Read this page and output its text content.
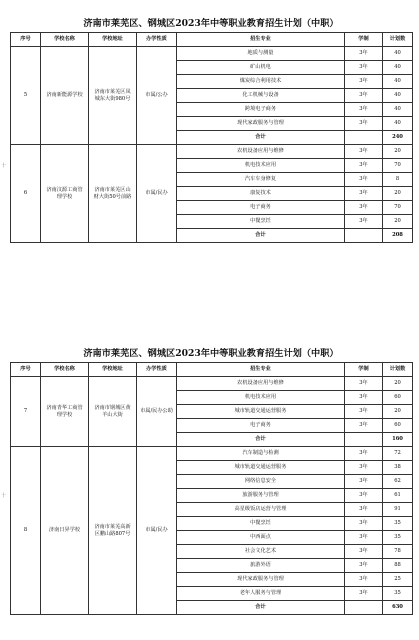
十
十
济南市莱芜区、钢城区2023年中等职业教育招生计划（中职）
序号	学校名称	学校地址	办学性质	招生专业	学制	计划数
5	济南新能源学校	济南市莱芜区凤城东大街980号	市属/公办	地质与测量	3年	40
				矿山机电	3年	40
				煤炭综合利用技术	3年	40
				化工机械与设备	3年	40
				跨境电子商务	3年	40
				现代家政服务与管理	3年	40
				合计		240
6	济南汶源工商管理学校	济南市莱芜区山财大街50号前路	市属/民办	农机设备应用与维修	3年	20
				机电技术应用	3年	70
				汽车车身修复	3年	8
				康复技术	3年	20
				电子商务	3年	70
				中餐烹饪	3年	20
				合计		208
济南市莱芜区、钢城区2023年中等职业教育招生计划（中职）
序号	学校名称	学校地址	办学性质	招生专业	学制	计划数
7	济南青华工商管理学校	济南市钢城区黄羊山大街	市属/民办公助	农机设备应用与维修	3年	20
				机电技术应用	3年	60
				城市轨道交通运营服务	3年	20
				电子商务	3年	60
				合计		160
8	济南日昇学校	济南市莱芜高新区鹏山路807号	市属/民办	汽车制造与检测	3年	72
				城市轨道交通运营服务	3年	38
				网络信息安全	3年	62
				旅游服务与管理	3年	61
				高星级饭店运营与管理	3年	91
				中餐烹饪	3年	35
				中西面点	3年	35
				社会文化艺术	3年	78
				旅游外语	3年	88
				现代家政服务与管理	3年	25
				老年人服务与管理	3年	35
				合计		630
